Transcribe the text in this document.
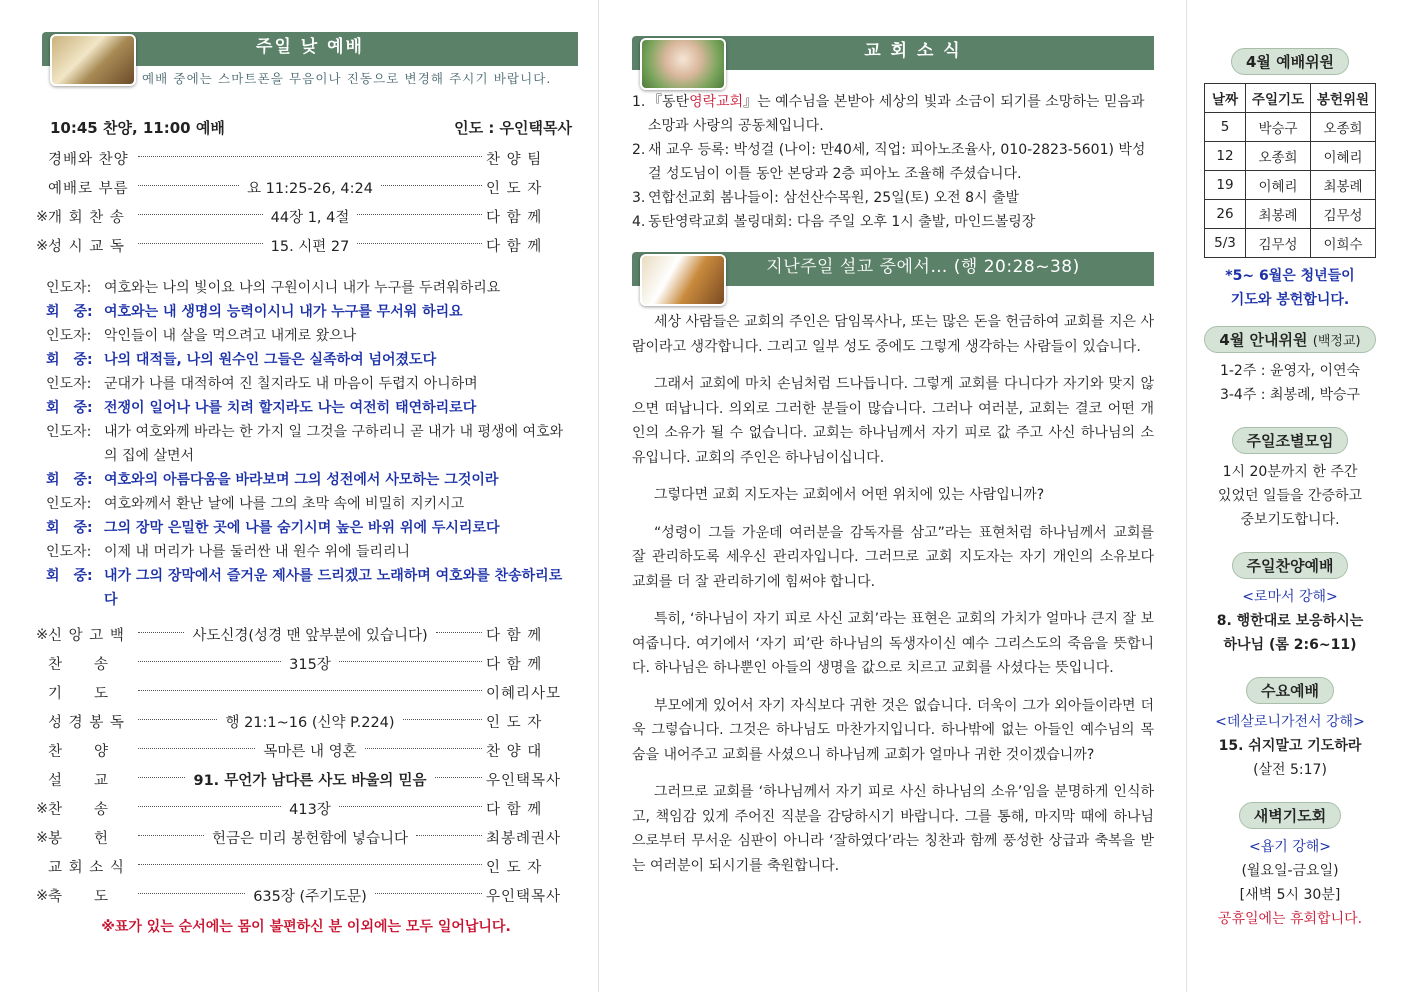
주일 낮 예배
예배 중에는 스마트폰을 무음이나 진동으로 변경해 주시기 바랍니다.
10:45 찬양, 11:00 예배	인도 : 우인택목사
경배와 찬양	찬 양 팀
예배로 부름	요 11:25-26, 4:24	인 도 자
※ 개 회 찬 송	44장 1, 4절	다 함 께
※ 성 시 교 독	15. 시편 27	다 함 께
인도자: 여호와는 나의 빛이요 나의 구원이시니 내가 누구를 두려워하리요
회　중: 여호와는 내 생명의 능력이시니 내가 누구를 무서워 하리요
인도자: 악인들이 내 살을 먹으려고 내게로 왔으나
회　중: 나의 대적들, 나의 원수인 그들은 실족하여 넘어졌도다
인도자: 군대가 나를 대적하여 진 칠지라도 내 마음이 두렵지 아니하며
회　중: 전쟁이 일어나 나를 치려 할지라도 나는 여전히 태연하리로다
인도자: 내가 여호와께 바라는 한 가지 일 그것을 구하리니 곧 내가 내 평생에 여호와의 집에 살면서
회　중: 여호와의 아름다움을 바라보며 그의 성전에서 사모하는 그것이라
인도자: 여호와께서 환난 날에 나를 그의 초막 속에 비밀히 지키시고
회　중: 그의 장막 은밀한 곳에 나를 숨기시며 높은 바위 위에 두시리로다
인도자: 이제 내 머리가 나를 둘러싼 내 원수 위에 들리리니
회　중: 내가 그의 장막에서 즐거운 제사를 드리겠고 노래하며 여호와를 찬송하리로다
※ 신 앙 고 백	사도신경(성경 맨 앞부분에 있습니다)	다 함 께
찬　　송	315장	다 함 께
기　　도	이혜리사모
성 경 봉 독	행 21:1~16 (신약 P.224)	인 도 자
찬　　양	목마른 내 영혼	찬 양 대
설　　교	91. 무언가 남다른 사도 바울의 믿음	우인택목사
※ 찬　　송	413장	다 함 께
※ 봉　　헌	헌금은 미리 봉헌함에 넣습니다	최봉례권사
교 회 소 식	인 도 자
※ 축　　도	635장 (주기도문)	우인택목사
※표가 있는 순서에는 몸이 불편하신 분 이외에는 모두 일어납니다.
교 회 소 식
1. 『동탄영락교회』는 예수님을 본받아 세상의 빛과 소금이 되기를 소망하는 믿음과 소망과 사랑의 공동체입니다.
2. 새 교우 등록: 박성걸 (나이: 만40세, 직업: 피아노조율사, 010-2823-5601) 박성걸 성도님이 이틀 동안 본당과 2층 피아노 조율해 주셨습니다.
3. 연합선교회 봄나들이: 삼선산수목원, 25일(토) 오전 8시 출발
4. 동탄영락교회 볼링대회: 다음 주일 오후 1시 출발, 마인드볼링장
지난주일 설교 중에서… (행 20:28~38)

세상 사람들은 교회의 주인은 담임목사나, 또는 많은 돈을 헌금하여 교회를 지은 사람이라고 생각합니다. 그리고 일부 성도 중에도 그렇게 생각하는 사람들이 있습니다.

그래서 교회에 마치 손님처럼 드나듭니다. 그렇게 교회를 다니다가 자기와 맞지 않으면 떠납니다. 의외로 그러한 분들이 많습니다. 그러나 여러분, 교회는 결코 어떤 개인의 소유가 될 수 없습니다. 교회는 하나님께서 자기 피로 값 주고 사신 하나님의 소유입니다. 교회의 주인은 하나님이십니다.

그렇다면 교회 지도자는 교회에서 어떤 위치에 있는 사람입니까?

“성령이 그들 가운데 여러분을 감독자를 삼고”라는 표현처럼 하나님께서 교회를 잘 관리하도록 세우신 관리자입니다. 그러므로 교회 지도자는 자기 개인의 소유보다 교회를 더 잘 관리하기에 힘써야 합니다.

특히, ‘하나님이 자기 피로 사신 교회’라는 표현은 교회의 가치가 얼마나 큰지 잘 보여줍니다. 여기에서 ‘자기 피’란 하나님의 독생자이신 예수 그리스도의 죽음을 뜻합니다. 하나님은 하나뿐인 아들의 생명을 값으로 치르고 교회를 사셨다는 뜻입니다.

부모에게 있어서 자기 자식보다 귀한 것은 없습니다. 더욱이 그가 외아들이라면 더욱 그렇습니다. 그것은 하나님도 마찬가지입니다. 하나밖에 없는 아들인 예수님의 목숨을 내어주고 교회를 사셨으니 하나님께 교회가 얼마나 귀한 것이겠습니까?

그러므로 교회를 ‘하나님께서 자기 피로 사신 하나님의 소유’임을 분명하게 인식하고, 책임감 있게 주어진 직분을 감당하시기 바랍니다. 그를 통해, 마지막 때에 하나님으로부터 무서운 심판이 아니라 ‘잘하였다’라는 칭찬과 함께 풍성한 상급과 축복을 받는 여러분이 되시기를 축원합니다.

4월 예배위원
날짜	주일기도	봉헌위원
5	박승구	오종희
12	오종희	이혜리
19	이혜리	최봉례
26	최봉례	김무성
5/3	김무성	이희수
*5~ 6월은 청년들이
기도와 봉헌합니다.
4월 안내위원 (백정교)
1-2주 : 윤영자, 이연숙
3-4주 : 최봉례, 박승구
주일조별모임
1시 20분까지 한 주간
있었던 일들을 간증하고
중보기도합니다.
주일찬양예배
<로마서 강해>
8. 행한대로 보응하시는
하나님 (롬 2:6~11)
수요예배
<데살로니가전서 강해>
15. 쉬지말고 기도하라
(살전 5:17)
새벽기도회
<욥기 강해>
(월요일-금요일)
[새벽 5시 30분]
공휴일에는 휴회합니다.
